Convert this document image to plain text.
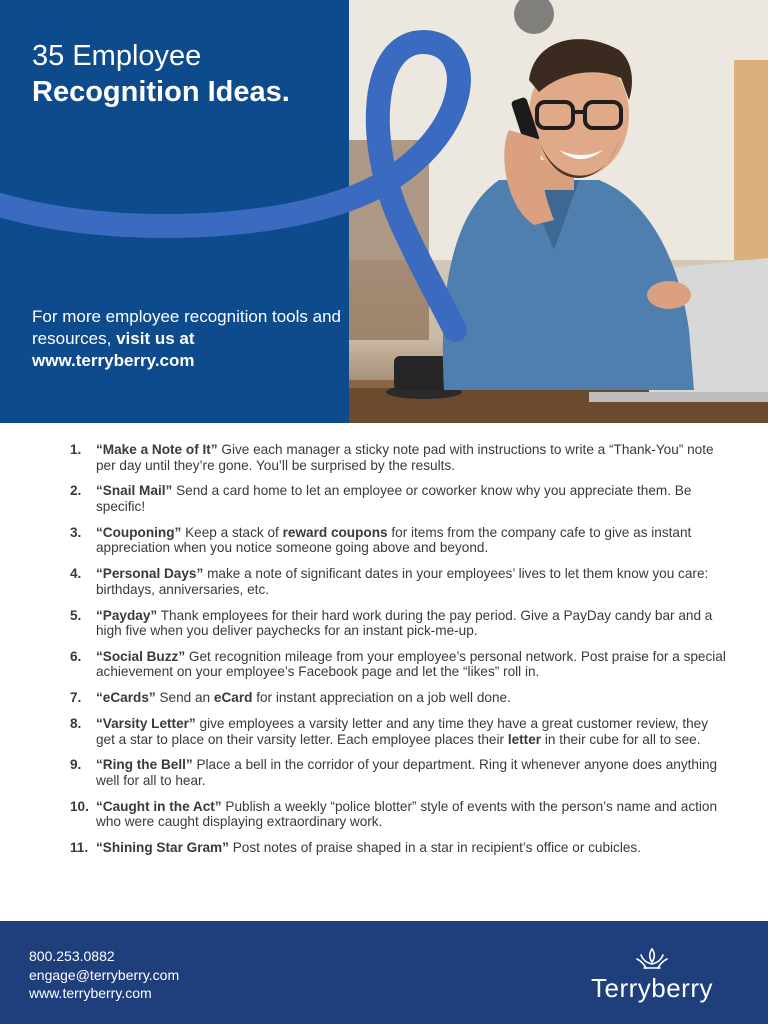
35 Employee
Recognition Ideas.

For more employee recognition tools and resources, visit us at www.terryberry.com

1. “Make a Note of It” Give each manager a sticky note pad with instructions to write a “Thank-You” note per day until they’re gone. You’ll be surprised by the results.
2. “Snail Mail” Send a card home to let an employee or coworker know why you appreciate them. Be specific!
3. “Couponing” Keep a stack of reward coupons for items from the company cafe to give as instant appreciation when you notice someone going above and beyond.
4. “Personal Days” make a note of significant dates in your employees’ lives to let them know you care: birthdays, anniversaries, etc.
5. “Payday” Thank employees for their hard work during the pay period. Give a PayDay candy bar and a high five when you deliver paychecks for an instant pick-me-up.
6. “Social Buzz” Get recognition mileage from your employee’s personal network. Post praise for a special achievement on your employee’s Facebook page and let the “likes” roll in.
7. “eCards” Send an eCard for instant appreciation on a job well done.
8. “Varsity Letter” give employees a varsity letter and any time they have a great customer review, they get a star to place on their varsity letter. Each employee places their letter in their cube for all to see.
9. “Ring the Bell” Place a bell in the corridor of your department. Ring it whenever anyone does anything well for all to hear.
10. “Caught in the Act” Publish a weekly “police blotter” style of events with the person’s name and action who were caught displaying extraordinary work.
11. “Shining Star Gram” Post notes of praise shaped in a star in recipient’s office or cubicles.
800.253.0882
engage@terryberry.com
www.terryberry.com	Terryberry
